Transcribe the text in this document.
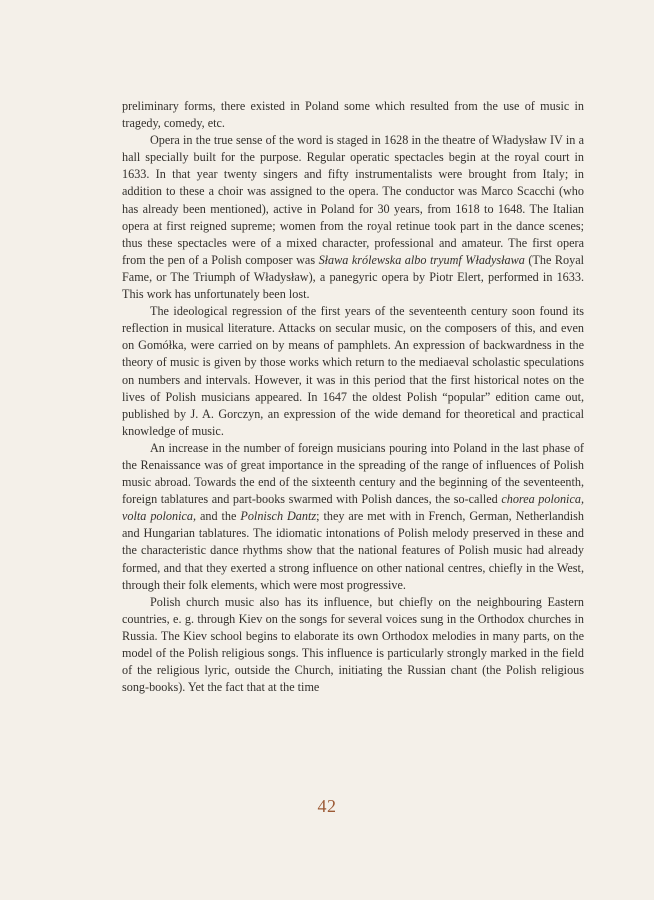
preliminary forms, there existed in Poland some which resulted from the use of music in tragedy, comedy, etc.

Opera in the true sense of the word is staged in 1628 in the theatre of Władysław IV in a hall specially built for the purpose. Regular operatic spectacles begin at the royal court in 1633. In that year twenty singers and fifty instrumentalists were brought from Italy; in addition to these a choir was assigned to the opera. The conductor was Marco Scacchi (who has already been mentioned), active in Poland for 30 years, from 1618 to 1648. The Italian opera at first reigned supreme; women from the royal retinue took part in the dance scenes; thus these spectacles were of a mixed character, professional and amateur. The first opera from the pen of a Polish composer was Sława królewska albo tryumf Władysława (The Royal Fame, or The Triumph of Władysław), a panegyric opera by Piotr Elert, performed in 1633. This work has unfortunately been lost.

The ideological regression of the first years of the seventeenth century soon found its reflection in musical literature. Attacks on secular music, on the composers of this, and even on Gomółka, were carried on by means of pamphlets. An expression of backwardness in the theory of music is given by those works which return to the mediaeval scholastic speculations on numbers and intervals. However, it was in this period that the first historical notes on the lives of Polish musicians appeared. In 1647 the oldest Polish “popular” edition came out, published by J. A. Gorczyn, an expression of the wide demand for theoretical and practical knowledge of music.

An increase in the number of foreign musicians pouring into Poland in the last phase of the Renaissance was of great importance in the spreading of the range of influences of Polish music abroad. Towards the end of the sixteenth century and the beginning of the seventeenth, foreign tablatures and part-books swarmed with Polish dances, the so-called chorea polonica, volta polonica, and the Polnisch Dantz; they are met with in French, German, Netherlandish and Hungarian tablatures. The idiomatic intonations of Polish melody preserved in these and the characteristic dance rhythms show that the national features of Polish music had already formed, and that they exerted a strong influence on other national centres, chiefly in the West, through their folk elements, which were most progressive.

Polish church music also has its influence, but chiefly on the neighbouring Eastern countries, e. g. through Kiev on the songs for several voices sung in the Orthodox churches in Russia. The Kiev school begins to elaborate its own Orthodox melodies in many parts, on the model of the Polish religious songs. This influence is particularly strongly marked in the field of the religious lyric, outside the Church, initiating the Russian chant (the Polish religious song-books). Yet the fact that at the time

42
